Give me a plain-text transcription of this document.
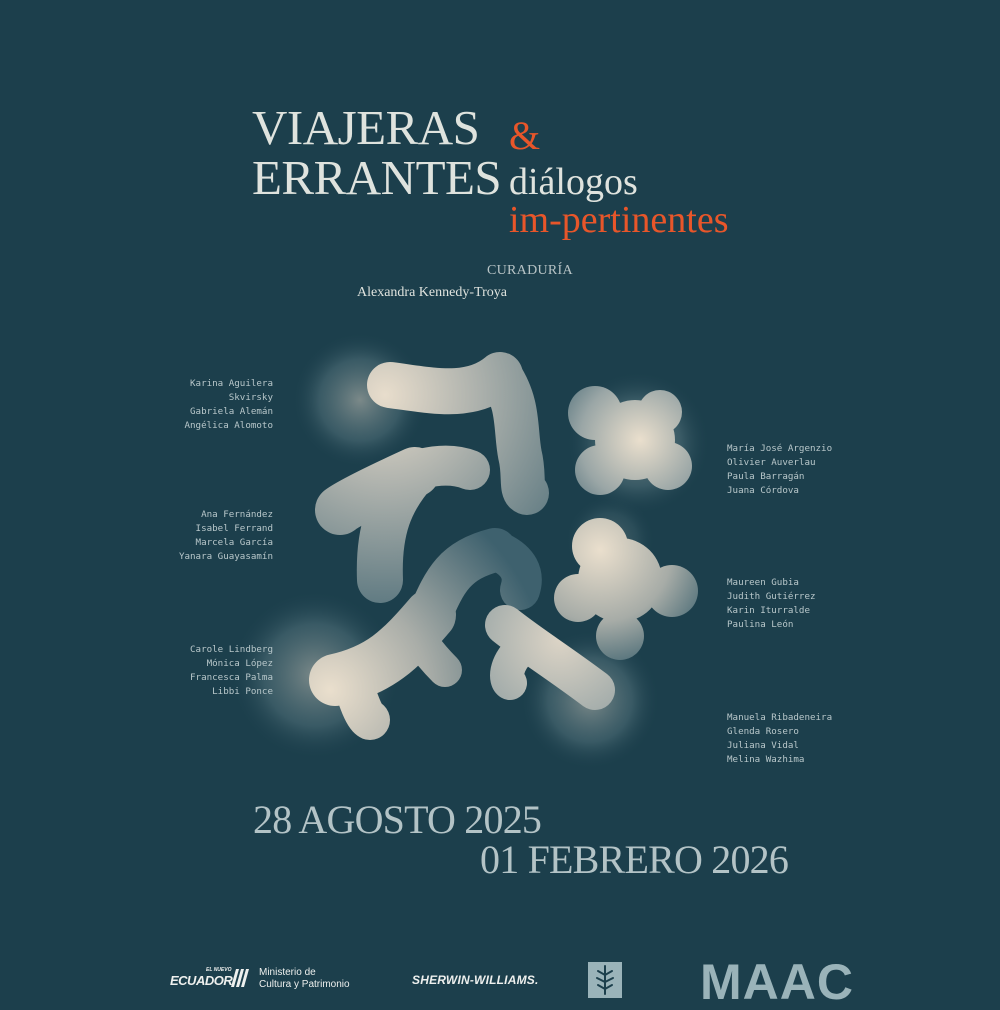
VIAJERAS
ERRANTES
&
diálogos
im-pertinentes
CURADURÍA
Alexandra Kennedy-Troya
Karina Aguilera
Skvirsky
Gabriela Alemán
Angélica Alomoto
Ana Fernández
Isabel Ferrand
Marcela García
Yanara Guayasamín
Carole Lindberg
Mónica López
Francesca Palma
Libbi Ponce
María José Argenzio
Olivier Auverlau
Paula Barragán
Juana Córdova
Maureen Gubia
Judith Gutiérrez
Karin Iturralde
Paulina León
Manuela Ribadeneira
Glenda Rosero
Juliana Vidal
Melina Wazhima
28 AGOSTO 2025
01 FEBRERO 2026
EL NUEVO
ECUADOR
Ministerio de
Cultura y Patrimonio	SHERWIN-WILLIAMS.	MAAC
